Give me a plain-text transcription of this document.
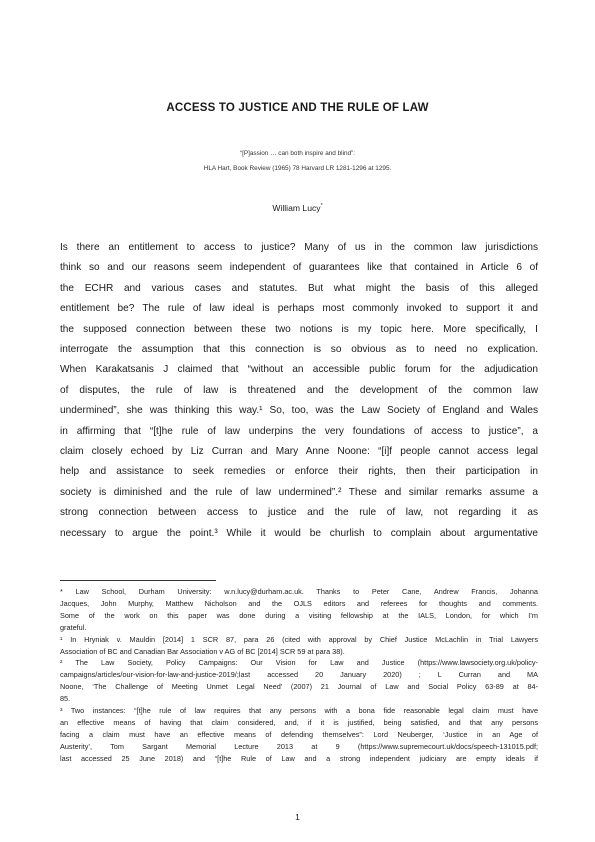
ACCESS TO JUSTICE AND THE RULE OF LAW
“[P]assion … can both inspire and blind”:
HLA Hart, Book Review (1965) 78 Harvard LR 1281-1296 at 1295.
William Lucy*
Is there an entitlement to access to justice? Many of us in the common law jurisdictions
think so and our reasons seem independent of guarantees like that contained in Article 6 of
the ECHR and various cases and statutes. But what might the basis of this alleged
entitlement be? The rule of law ideal is perhaps most commonly invoked to support it and
the supposed connection between these two notions is my topic here. More specifically, I
interrogate the assumption that this connection is so obvious as to need no explication.
When Karakatsanis J claimed that “without an accessible public forum for the adjudication
of disputes, the rule of law is threatened and the development of the common law
undermined”, she was thinking this way.¹ So, too, was the Law Society of England and Wales
in affirming that “[t]he rule of law underpins the very foundations of access to justice”, a
claim closely echoed by Liz Curran and Mary Anne Noone: “[i]f people cannot access legal
help and assistance to seek remedies or enforce their rights, then their participation in
society is diminished and the rule of law undermined”.² These and similar remarks assume a
strong connection between access to justice and the rule of law, not regarding it as
necessary to argue the point.³ While it would be churlish to complain about argumentative
* Law School, Durham University: w.n.lucy@durham.ac.uk. Thanks to Peter Cane, Andrew Francis, Johanna
Jacques, John Murphy, Matthew Nicholson and the OJLS editors and referees for thoughts and comments.
Some of the work on this paper was done during a visiting fellowship at the IALS, London, for which I’m
grateful.
¹ In Hryniak v. Mauldin [2014] 1 SCR 87, para 26 (cited with approval by Chief Justice McLachlin in Trial Lawyers
Association of BC and Canadian Bar Association v AG of BC [2014] SCR 59 at para 38).
² The Law Society, Policy Campaigns: Our Vision for Law and Justice (https://www.lawsociety.org.uk/policy-
campaigns/articles/our-vision-for-law-and-justice-2019/;last accessed 20 January 2020) ; L Curran and MA
Noone, ‘The Challenge of Meeting Unmet Legal Need’ (2007) 21 Journal of Law and Social Policy 63-89 at 84-
85.
³ Two instances: “[t]he rule of law requires that any persons with a bona fide reasonable legal claim must have
an effective means of having that claim considered, and, if it is justified, being satisfied, and that any persons
facing a claim must have an effective means of defending themselves”: Lord Neuberger, ‘Justice in an Age of
Austerity’, Tom Sargant Memorial Lecture 2013 at 9 (https://www.supremecourt.uk/docs/speech-131015.pdf;
last accessed 25 June 2018) and “[t]he Rule of Law and a strong independent judiciary are empty ideals if
1
